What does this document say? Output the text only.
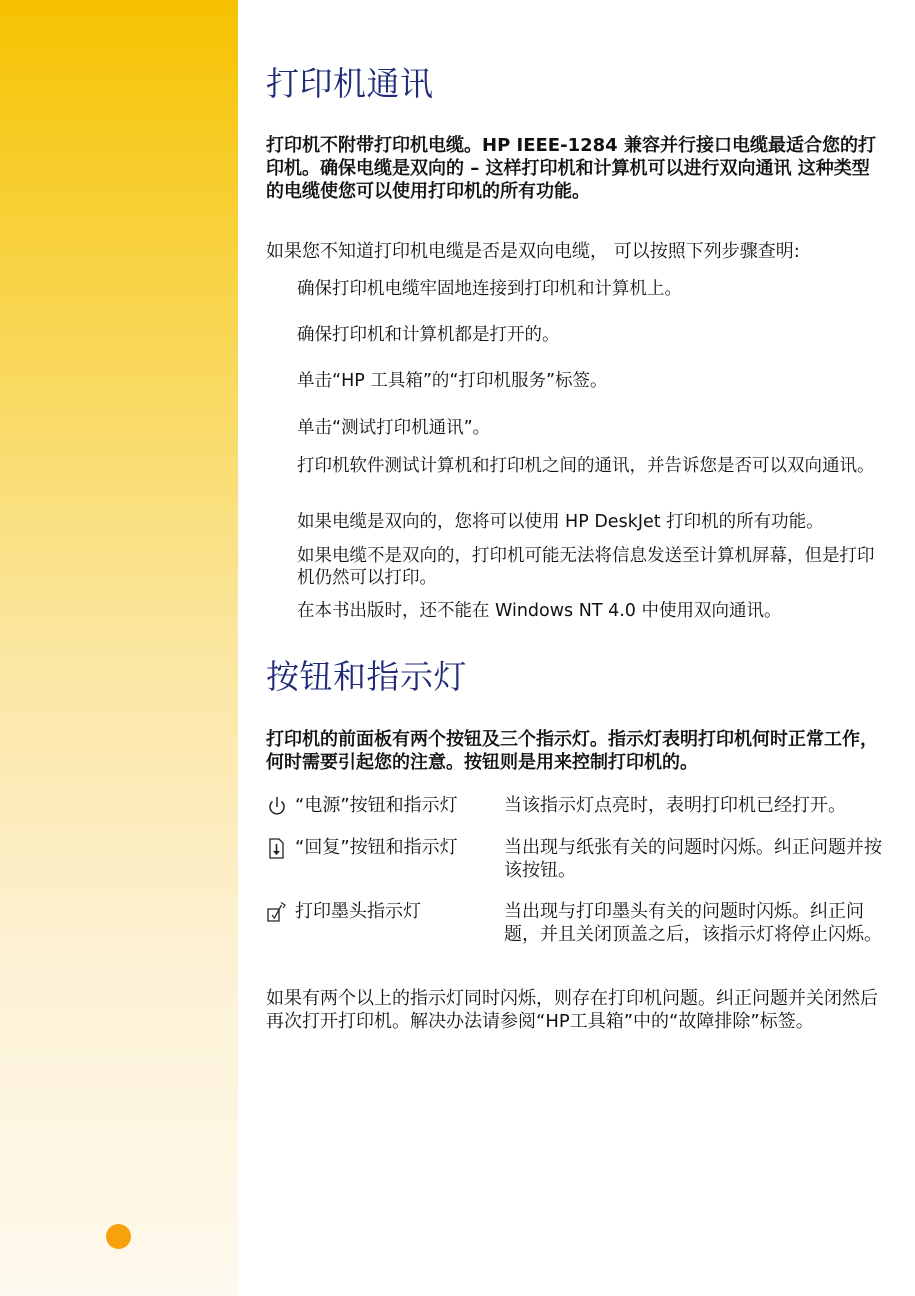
打印机通讯

打印机不附带打印机电缆。HP IEEE-1284 兼容并行接口电缆最适合您的打印机。确保电缆是双向的 – 这样打印机和计算机可以进行双向通讯 这种类型的电缆使您可以使用打印机的所有功能。

如果您不知道打印机电缆是否是双向电缆， 可以按照下列步骤查明:

确保打印机电缆牢固地连接到打印机和计算机上。

确保打印机和计算机都是打开的。

单击“HP 工具箱”的“打印机服务”标签。

单击“测试打印机通讯”。

打印机软件测试计算机和打印机之间的通讯，并告诉您是否可以双向通讯。

如果电缆是双向的，您将可以使用 HP DeskJet 打印机的所有功能。

如果电缆不是双向的，打印机可能无法将信息发送至计算机屏幕，但是打印机仍然可以打印。

在本书出版时，还不能在 Windows NT 4.0 中使用双向通讯。

按钮和指示灯

打印机的前面板有两个按钮及三个指示灯。指示灯表明打印机何时正常工作， 何时需要引起您的注意。按钮则是用来控制打印机的。

“电源”按钮和指示灯	当该指示灯点亮时，表明打印机已经打开。
“回复”按钮和指示灯	当出现与纸张有关的问题时闪烁。纠正问题并按该按钮。
打印墨头指示灯	当出现与打印墨头有关的问题时闪烁。纠正问题，并且关闭顶盖之后，该指示灯将停止闪烁。

如果有两个以上的指示灯同时闪烁，则存在打印机问题。纠正问题并关闭然后再次打开打印机。解决办法请参阅“HP工具箱”中的“故障排除”标签。
